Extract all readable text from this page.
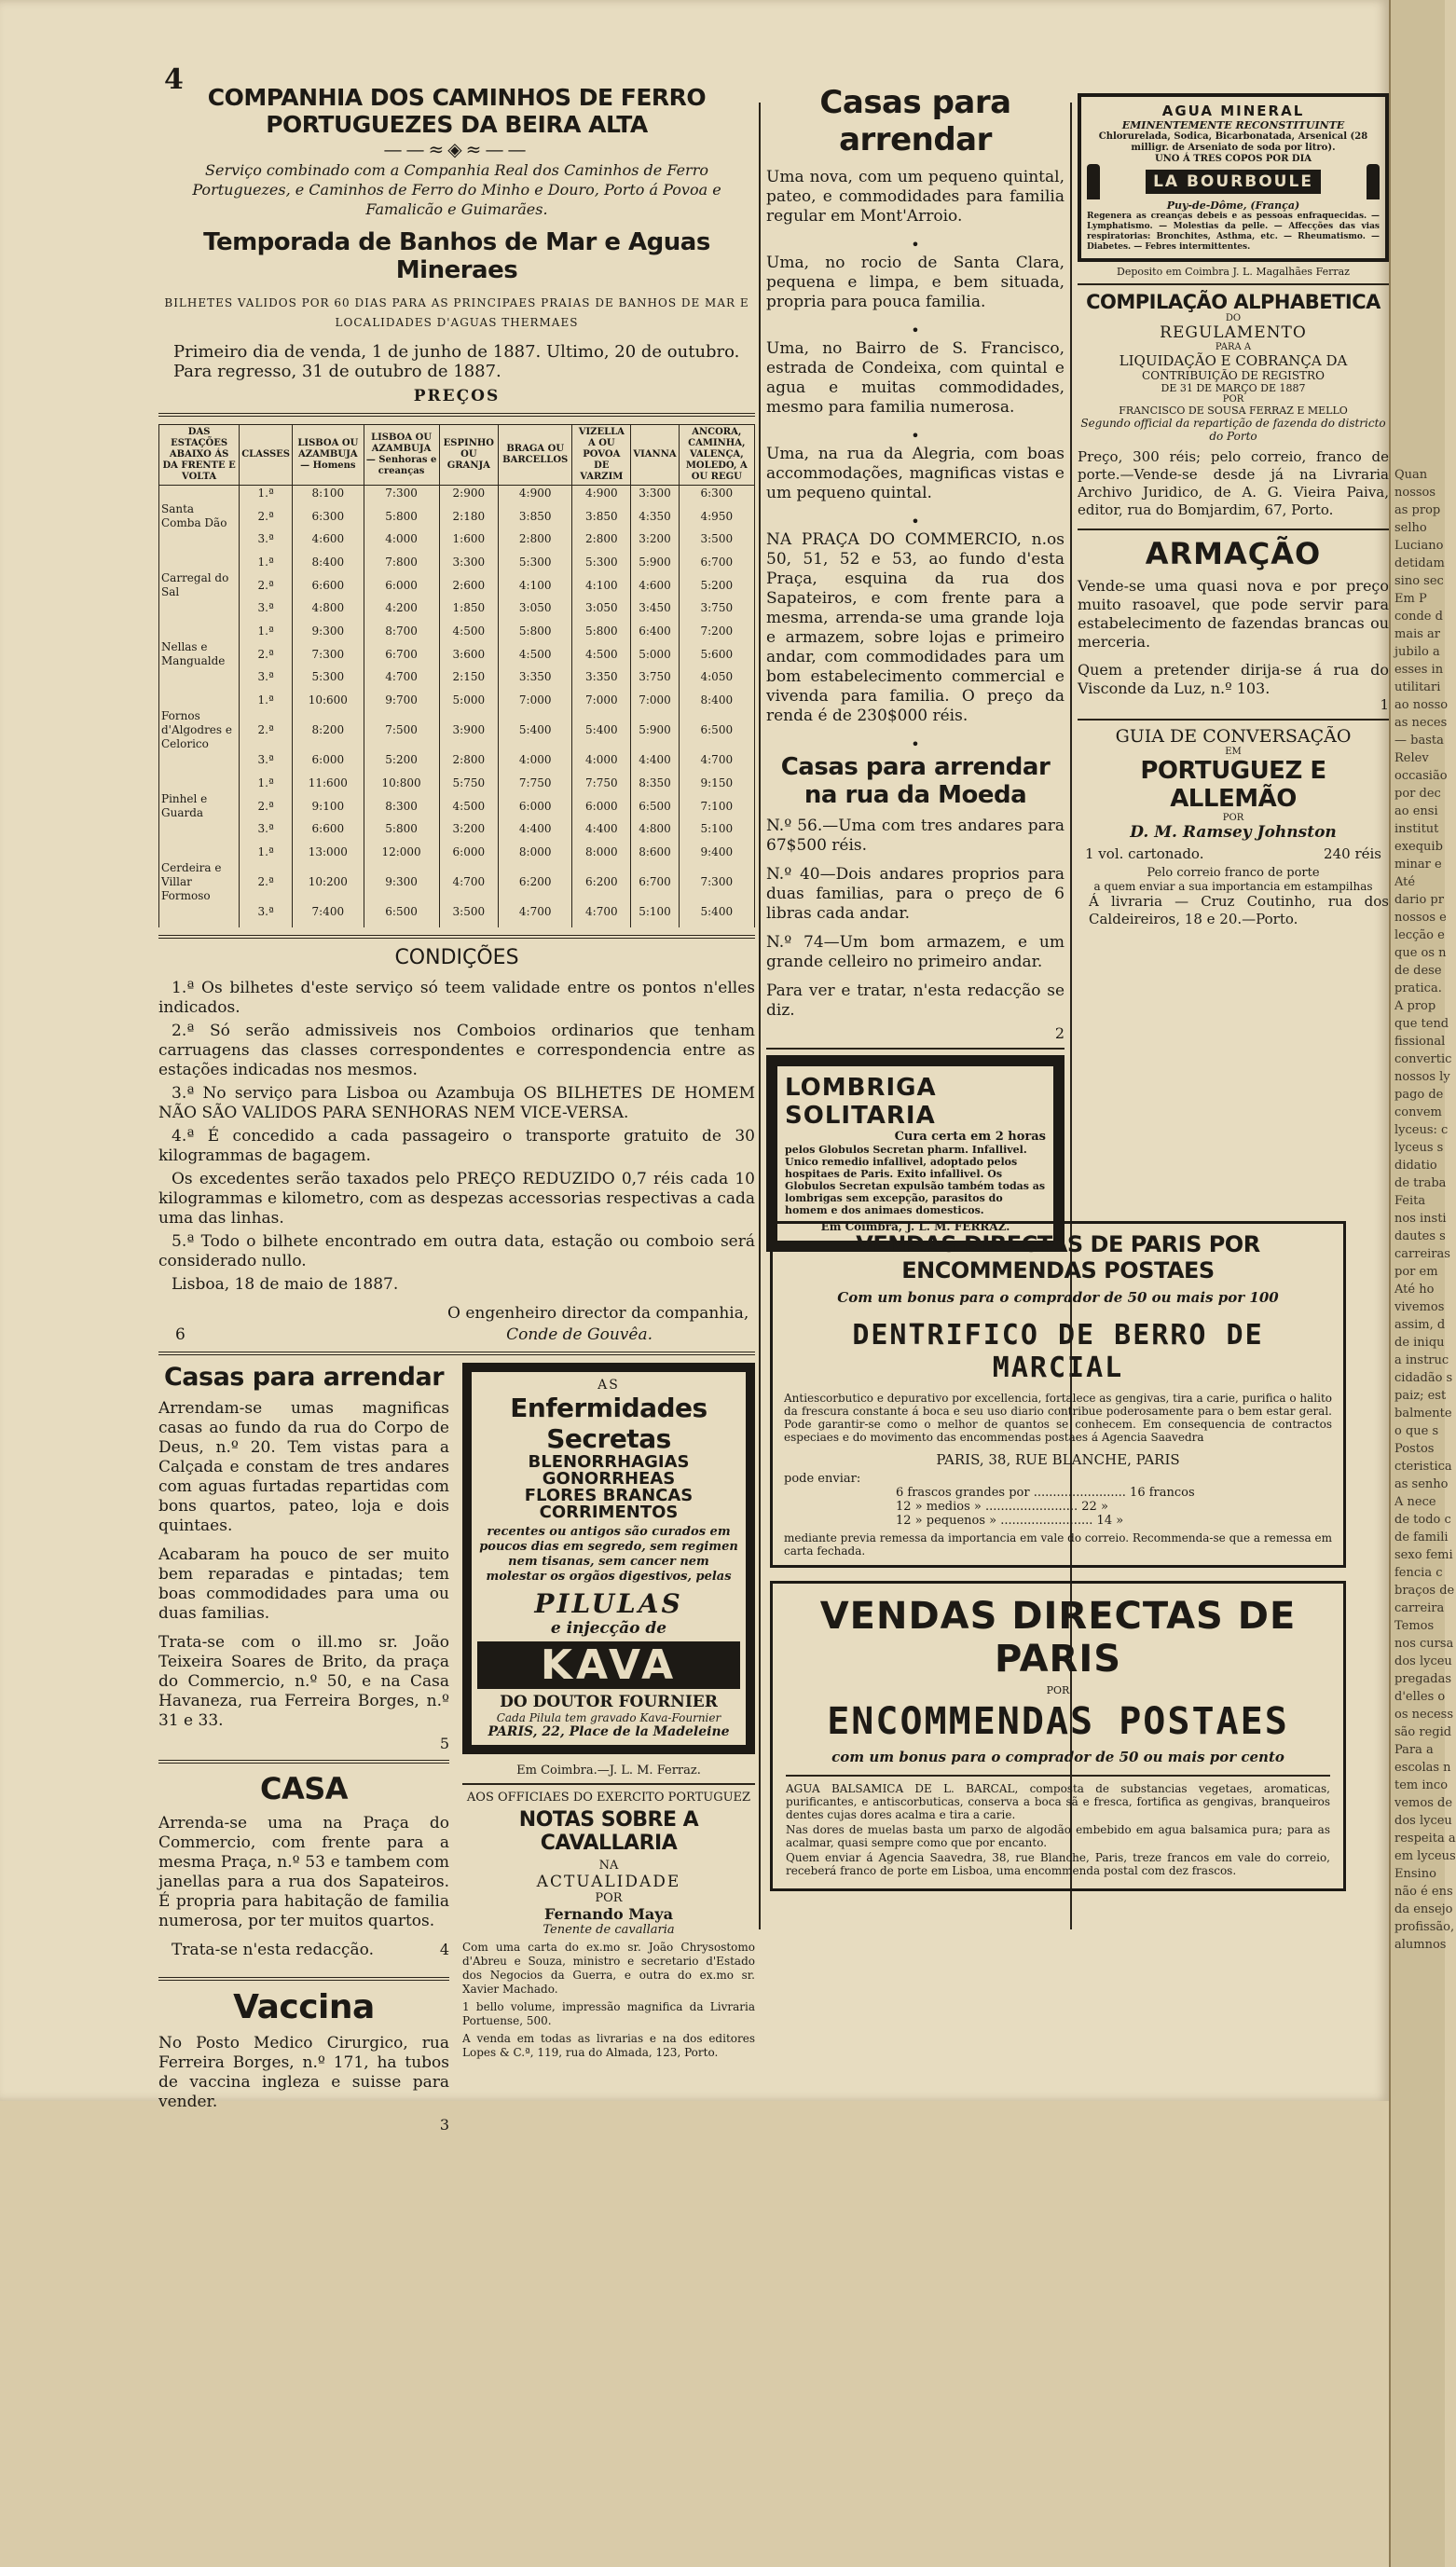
4
COMPANHIA DOS CAMINHOS DE FERRO PORTUGUEZES DA BEIRA ALTA
——≈◈≈——

Serviço combinado com a Companhia Real dos Caminhos de Ferro Portuguezes, e Caminhos de Ferro do Minho e Douro, Porto á Povoa e Famalicão e Guimarães.

Temporada de Banhos de Mar e Aguas Mineraes

BILHETES VALIDOS POR 60 DIAS PARA AS PRINCIPAES PRAIAS DE BANHOS DE MAR E LOCALIDADES D'AGUAS THERMAES

Primeiro dia de venda, 1 de junho de 1887. Ultimo, 20 de outubro.

Para regresso, 31 de outubro de 1887.

PREÇOS
DAS ESTAÇÕES ABAIXO ÁS DA FRENTE E VOLTA	CLASSES	LISBOA OU AZAMBUJA — Homens	LISBOA OU AZAMBUJA — Senhoras e creanças	ESPINHO OU GRANJA	BRAGA OU BARCELLOS	VIZELLA A OU POVOA DE VARZIM	VIANNA	ANCORA, CAMINHA, VALENÇA, MOLEDO, A OU REGU
	1.ª	8:100	7:300	2:900	4:900	4:900	3:300	6:300
Santa Comba Dão	2.ª	6:300	5:800	2:180	3:850	3:850	4:350	4:950
	3.ª	4:600	4:000	1:600	2:800	2:800	3:200	3:500
	1.ª	8:400	7:800	3:300	5:300	5:300	5:900	6:700
Carregal do Sal	2.ª	6:600	6:000	2:600	4:100	4:100	4:600	5:200
	3.ª	4:800	4:200	1:850	3:050	3:050	3:450	3:750
	1.ª	9:300	8:700	4:500	5:800	5:800	6:400	7:200
Nellas e Mangualde	2.ª	7:300	6:700	3:600	4:500	4:500	5:000	5:600
	3.ª	5:300	4:700	2:150	3:350	3:350	3:750	4:050
	1.ª	10:600	9:700	5:000	7:000	7:000	7:000	8:400
Fornos d'Algodres e Celorico	2.ª	8:200	7:500	3:900	5:400	5:400	5:900	6:500
	3.ª	6:000	5:200	2:800	4:000	4:000	4:400	4:700
	1.ª	11:600	10:800	5:750	7:750	7:750	8:350	9:150
Pinhel e Guarda	2.ª	9:100	8:300	4:500	6:000	6:000	6:500	7:100
	3.ª	6:600	5:800	3:200	4:400	4:400	4:800	5:100
	1.ª	13:000	12:000	6:000	8:000	8:000	8:600	9:400
Cerdeira e Villar Formoso	2.ª	10:200	9:300	4:700	6:200	6:200	6:700	7:300
	3.ª	7:400	6:500	3:500	4:700	4:700	5:100	5:400
CONDIÇÕES

1.ª Os bilhetes d'este serviço só teem validade entre os pontos n'elles indicados.

2.ª Só serão admissiveis nos Comboios ordinarios que tenham carruagens das classes correspondentes e correspondencia entre as estações indicadas nos mesmos.

3.ª No serviço para Lisboa ou Azambuja OS BILHETES DE HOMEM NÃO SÃO VALIDOS PARA SENHORAS NEM VICE-VERSA.

4.ª É concedido a cada passageiro o transporte gratuito de 30 kilogrammas de bagagem.

Os excedentes serão taxados pelo PREÇO REDUZIDO 0,7 réis cada 10 kilogrammas e kilometro, com as despezas accessorias respectivas a cada uma das linhas.

5.ª Todo o bilhete encontrado em outra data, estação ou comboio será considerado nullo.

Lisboa, 18 de maio de 1887.

O engenheiro director da companhia,

6	Conde de Gouvêa.
Casas para arrendar

Arrendam-se umas magnificas casas ao fundo da rua do Corpo de Deus, n.º 20. Tem vistas para a Calçada e constam de tres andares com aguas furtadas repartidas com bons quartos, pateo, loja e dois quintaes.

Acabaram ha pouco de ser muito bem reparadas e pintadas; tem boas commodidades para uma ou duas familias.

Trata-se com o ill.mo sr. João Teixeira Soares de Brito, da praça do Commercio, n.º 50, e na Casa Havaneza, rua Ferreira Borges, n.º 31 e 33.

5
CASA

Arrenda-se uma na Praça do Commercio, com frente para a mesma Praça, n.º 53 e tambem com janellas para a rua dos Sapateiros. É propria para habitação de familia numerosa, por ter muitos quartos.

Trata-se n'esta redacção.	4
Vaccina

No Posto Medico Cirurgico, rua Ferreira Borges, n.º 171, ha tubos de vaccina ingleza e suisse para vender.

3
AS
Enfermidades Secretas
BLENORRHAGIAS
GONORRHEAS
FLORES BRANCAS
CORRIMENTOS
recentes ou antigos são curados em poucos dias em segredo, sem regimen nem tisanas, sem cancer nem molestar os orgãos digestivos, pelas
PILULAS
e injecção de
KAVA
DO DOUTOR FOURNIER
Cada Pilula tem gravado Kava-Fournier
PARIS, 22, Place de la Madeleine
Em Coimbra.—J. L. M. Ferraz.
AOS OFFICIAES DO EXERCITO PORTUGUEZ
NOTAS SOBRE A CAVALLARIA
NA
ACTUALIDADE
POR
Fernando Maya
Tenente de cavallaria

Com uma carta do ex.mo sr. João Chrysostomo d'Abreu e Souza, ministro e secretario d'Estado dos Negocios da Guerra, e outra do ex.mo sr. Xavier Machado.

1 bello volume, impressão magnifica da Livraria Portuense, 500.

A venda em todas as livrarias e na dos editores Lopes & C.ª, 119, rua do Almada, 123, Porto.

Casas para arrendar

Uma nova, com um pequeno quintal, pateo, e commodidades para familia regular em Mont'Arroio.

•

Uma, no rocio de Santa Clara, pequena e limpa, e bem situada, propria para pouca familia.

•

Uma, no Bairro de S. Francisco, estrada de Condeixa, com quintal e agua e muitas commodidades, mesmo para familia numerosa.

•

Uma, na rua da Alegria, com boas accommodações, magnificas vistas e um pequeno quintal.

•

NA PRAÇA DO COMMERCIO, n.os 50, 51, 52 e 53, ao fundo d'esta Praça, esquina da rua dos Sapateiros, e com frente para a mesma, arrenda-se uma grande loja e armazem, sobre lojas e primeiro andar, com commodidades para um bom estabelecimento commercial e vivenda para familia. O preço da renda é de 230$000 réis.

•
Casas para arrendar na rua da Moeda

N.º 56.—Uma com tres andares para 67$500 réis.

N.º 40—Dois andares proprios para duas familias, para o preço de 6 libras cada andar.

N.º 74—Um bom armazem, e um grande celleiro no primeiro andar.

Para ver e tratar, n'esta redacção se diz.

2
LOMBRIGA SOLITARIA
Cura certa em 2 horas
pelos Globulos Secretan pharm. Infallivel. Unico remedio infallivel, adoptado pelos hospitaes de Paris. Exito infallivel. Os Globulos Secretan expulsão também todas as lombrigas sem excepção, parasitos do homem e dos animaes domesticos.
Em Coimbra, J. L. M. FERRAZ.
AGUA MINERAL
EMINENTEMENTE RECONSTITUINTE
Chlorurelada, Sodica, Bicarbonatada, Arsenical (28 milligr. de Arseniato de soda por litro).
UNO Á TRES COPOS POR DIA
LA BOURBOULE
Puy-de-Dôme, (França)
Regenera as creanças debeis e as pessoas enfraquecidas. — Lymphatismo. — Molestias da pelle. — Affecções das vias respiratorias: Bronchites, Asthma, etc. — Rheumatismo. — Diabetes. — Febres intermittentes.
Deposito em Coimbra J. L. Magalhães Ferraz
COMPILAÇÃO ALPHABETICA
DO
REGULAMENTO
PARA A
LIQUIDAÇÃO E COBRANÇA DA
CONTRIBUIÇÃO DE REGISTRO
DE 31 DE MARÇO DE 1887
POR
FRANCISCO DE SOUSA FERRAZ E MELLO
Segundo official da repartição de fazenda do districto do Porto

Preço, 300 réis; pelo correio, franco de porte.—Vende-se desde já na Livraria Archivo Juridico, de A. G. Vieira Paiva, editor, rua do Bomjardim, 67, Porto.

ARMAÇÃO

Vende-se uma quasi nova e por preço muito rasoavel, que pode servir para estabelecimento de fazendas brancas ou merceria.

Quem a pretender dirija-se á rua do Visconde da Luz, n.º 103.

1
GUIA DE CONVERSAÇÃO
EM
PORTUGUEZ E ALLEMÃO
POR
D. M. Ramsey Johnston
1 vol. cartonado.	240 réis
Pelo correio franco de porte
a quem enviar a sua importancia em estampilhas

Á livraria — Cruz Coutinho, rua dos Caldeireiros, 18 e 20.—Porto.

VENDAS DIRECTAS DE PARIS POR ENCOMMENDAS POSTAES
Com um bonus para o comprador de 50 ou mais por 100
DENTRIFICO DE BERRO DE MARCIAL

Antiescorbutico e depurativo por excellencia, fortalece as gengivas, tira a carie, purifica o halito da frescura constante á boca e seu uso diario contribue poderosamente para o bem estar geral. Pode garantir-se como o melhor de quantos se conhecem. Em consequencia de contractos especiaes e do movimento das encommendas postaes á Agencia Saavedra

PARIS, 38, RUE BLANCHE, PARIS
pode enviar:
6 frascos grandes por ........................ 16 francos
12 » medios » ........................ 22 »
12 » pequenos » ........................ 14 »

mediante previa remessa da importancia em vale do correio. Recommenda-se que a remessa em carta fechada.

VENDAS DIRECTAS DE PARIS
POR
ENCOMMENDAS POSTAES
com um bonus para o comprador de 50 ou mais por cento

AGUA BALSAMICA DE L. BARCAL, composta de substancias vegetaes, aromaticas, purificantes, e antiscorbuticas, conserva a boca sã e fresca, fortifica as gengivas, branqueiros dentes cujas dores acalma e tira a carie.

Nas dores de muelas basta um parxo de algodão embebido em agua balsamica pura; para as acalmar, quasi sempre como que por encanto.

Quem enviar á Agencia Saavedra, 38, rue Blanche, Paris, treze francos em vale do correio, receberá franco de porte em Lisboa, uma encommenda postal com dez frascos.

Quan
nossos
as prop
selho
Luciano
detidam
sino sec
Em P
conde d
mais ar
jubilo a
esses in
utilitari
ao nosso
as neces
— basta
Relev
occasião
por dec
ao ensi
institut
exequib
minar e
Até
dario pr
nossos e
lecção e
que os n
de dese
pratica.
A prop
que tend
fissional
convertic
nossos ly
pago de
convem
lyceus: c
lyceus s
didatio
de traba
Feita
nos insti
dautes s
carreiras
por em
Até ho
vivemos
assim, d
de iniqu
a instruc
cidadão s
paiz; est
balmente
o que s
Postos
cteristica
as senho
A nece
de todo c
de famili
sexo femi
fencia c
braços de
carreira
Temos
nos cursa
dos lyceu
pregadas
d'elles o
os necess
são regid
Para a
escolas n
tem inco
vemos de
dos lyceu
respeita a
em lyceus
Ensino
não é ens
da ensejo
profissão,
alumnos
